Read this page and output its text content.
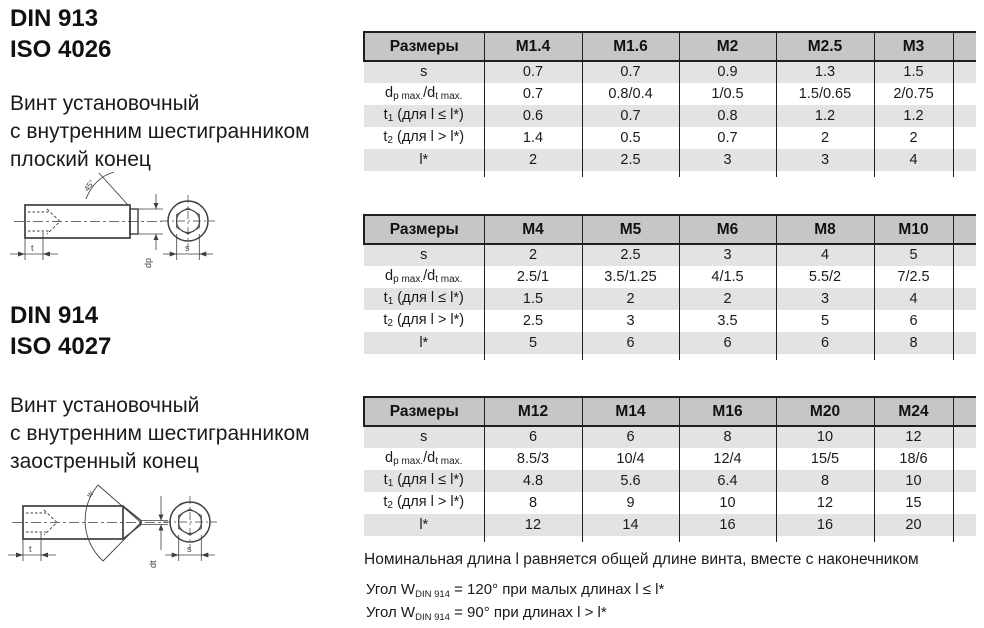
DIN 913
ISO 4026
Винт установочный
с внутренним шестигранником
плоский конец
45°
dp
t	s
DIN 914
ISO 4027
Винт установочный
с внутренним шестигранником
заостренный конец
w
dt
t	s
Размеры	M1.4	M1.6	M2	M2.5	M3	
s	0.7	0.7	0.9	1.3	1.5	
dp max./dt max.	0.7	0.8/0.4	1/0.5	1.5/0.65	2/0.75	
t1 (для l ≤ l*)	0.6	0.7	0.8	1.2	1.2	
t2 (для l > l*)	1.4	0.5	0.7	2	2	
l*	2	2.5	3	3	4	

Размеры	M4	M5	M6	M8	M10	
s	2	2.5	3	4	5	
dp max./dt max.	2.5/1	3.5/1.25	4/1.5	5.5/2	7/2.5	
t1 (для l ≤ l*)	1.5	2	2	3	4	
t2 (для l > l*)	2.5	3	3.5	5	6	
l*	5	6	6	6	8	

Размеры	M12	M14	M16	M20	M24	
s	6	6	8	10	12	
dp max./dt max.	8.5/3	10/4	12/4	15/5	18/6	
t1 (для l ≤ l*)	4.8	5.6	6.4	8	10	
t2 (для l > l*)	8	9	10	12	15	
l*	12	14	16	16	20	

Номинальная длина l равняется общей длине винта, вместе с наконечником
Угол $W_{DIN 914} = 120^\circ$ при малых длинах l ≤ l*
Угол $W_{DIN 914} = 90^\circ$ при длинах l > l*
